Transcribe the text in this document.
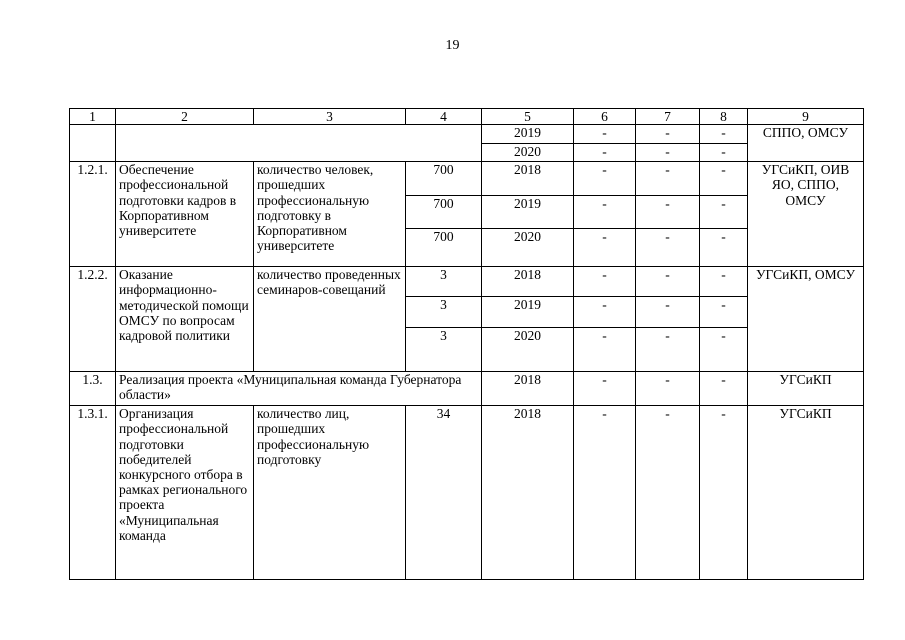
19
1	2	3	4	5	6	7	8	9
				2019	-	-	-	СППО, ОМСУ
				2020	-	-	-	
1.2.1.	Обеспечение профессиональной подготовки кадров в Корпоративном университете	количество человек, прошедших профессиональную подготовку в Корпоративном университете	700	2018	-	-	-	УГСиКП, ОИВ ЯО, СППО, ОМСУ
			700	2019	-	-	-	
			700	2020	-	-	-	
1.2.2.	Оказание информационно-методической помощи ОМСУ по вопросам кадровой политики	количество проведенных семинаров-совещаний	3	2018	-	-	-	УГСиКП, ОМСУ
			3	2019	-	-	-	
			3	2020	-	-	-	
1.3.	Реализация проекта «Муниципальная команда Губернатора области»			2018	-	-	-	УГСиКП
1.3.1.	Организация профессиональной подготовки победителей конкурсного отбора в рамках регионального проекта «Муниципальная команда	количество лиц, прошедших профессиональную подготовку	34	2018	-	-	-	УГСиКП
